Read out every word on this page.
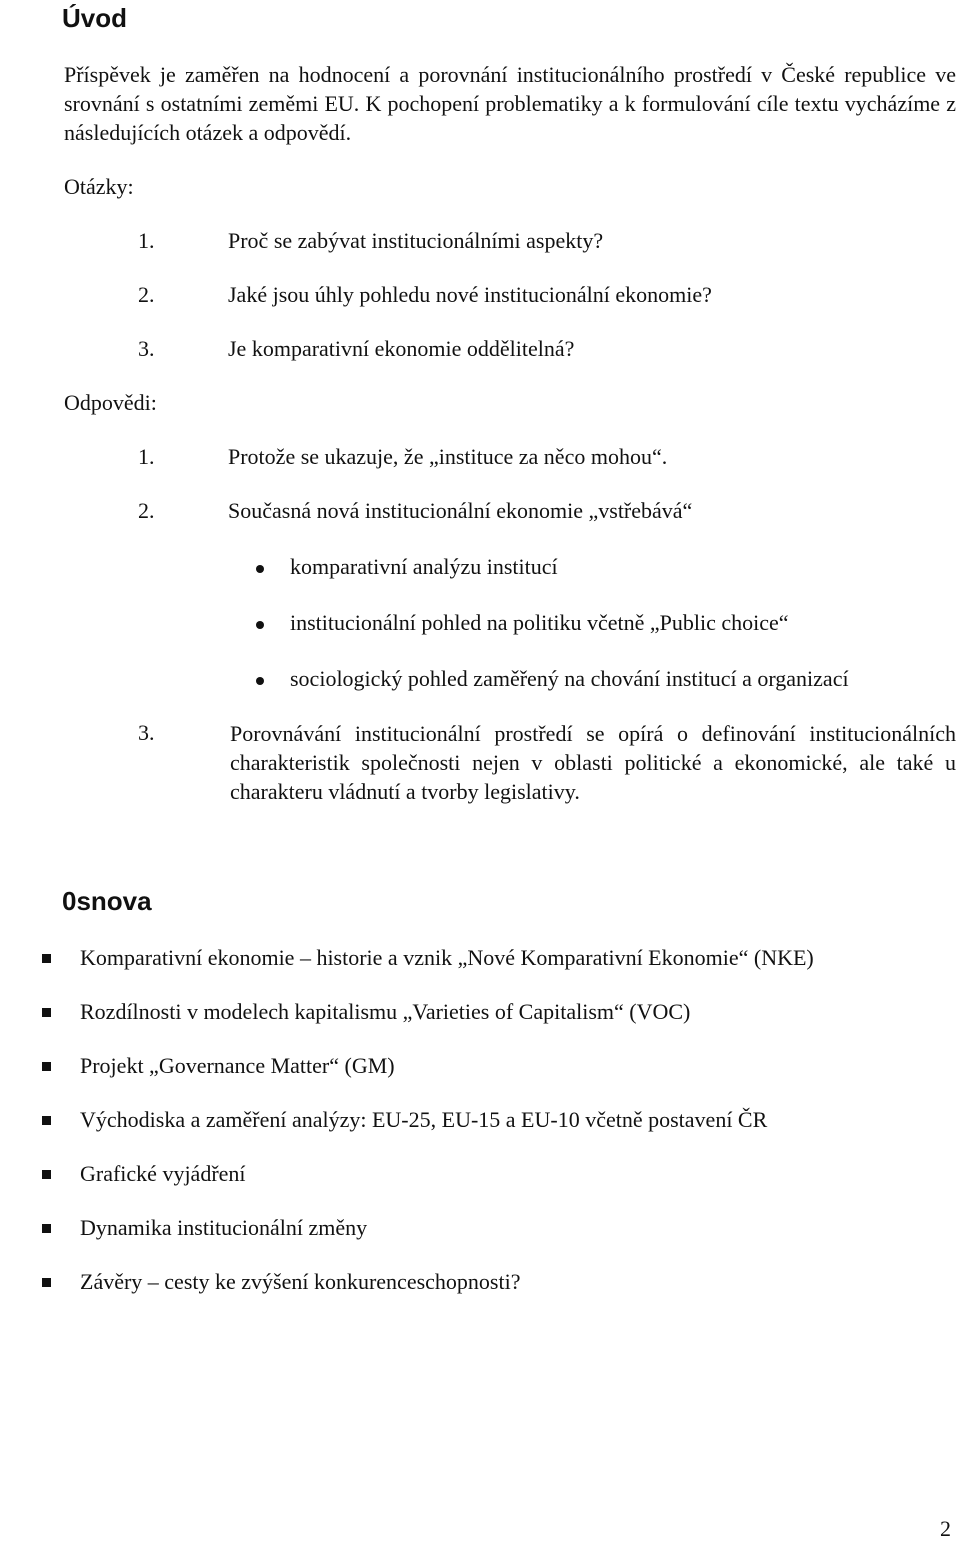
Úvod
Příspěvek je zaměřen na hodnocení a porovnání institucionálního prostředí v České republice ve srovnání s ostatními zeměmi EU. K pochopení problematiky a k formulování cíle textu vycházíme z následujících otázek a odpovědí.
Otázky:
1.	Proč se zabývat institucionálními aspekty?
2.	Jaké jsou úhly pohledu nové institucionální ekonomie?
3.	Je komparativní ekonomie oddělitelná?
Odpovědi:
1.	Protože se ukazuje, že „instituce za něco mohou“.
2.	Současná nová institucionální ekonomie „vstřebává“
komparativní analýzu institucí
institucionální pohled na politiku včetně „Public choice“
sociologický pohled zaměřený na chování institucí a organizací
3.	Porovnávání institucionální prostředí se opírá o definování institucionálních charakteristik společnosti nejen v oblasti politické a ekonomické, ale také u charakteru vládnutí a tvorby legislativy.
0snova
Komparativní ekonomie – historie a vznik „Nové Komparativní Ekonomie“ (NKE)
Rozdílnosti v modelech kapitalismu „Varieties of Capitalism“ (VOC)
Projekt „Governance Matter“ (GM)
Východiska a zaměření analýzy: EU-25, EU-15 a EU-10 včetně postavení ČR
Grafické vyjádření
Dynamika institucionální změny
Závěry – cesty ke zvýšení konkurenceschopnosti?
2
